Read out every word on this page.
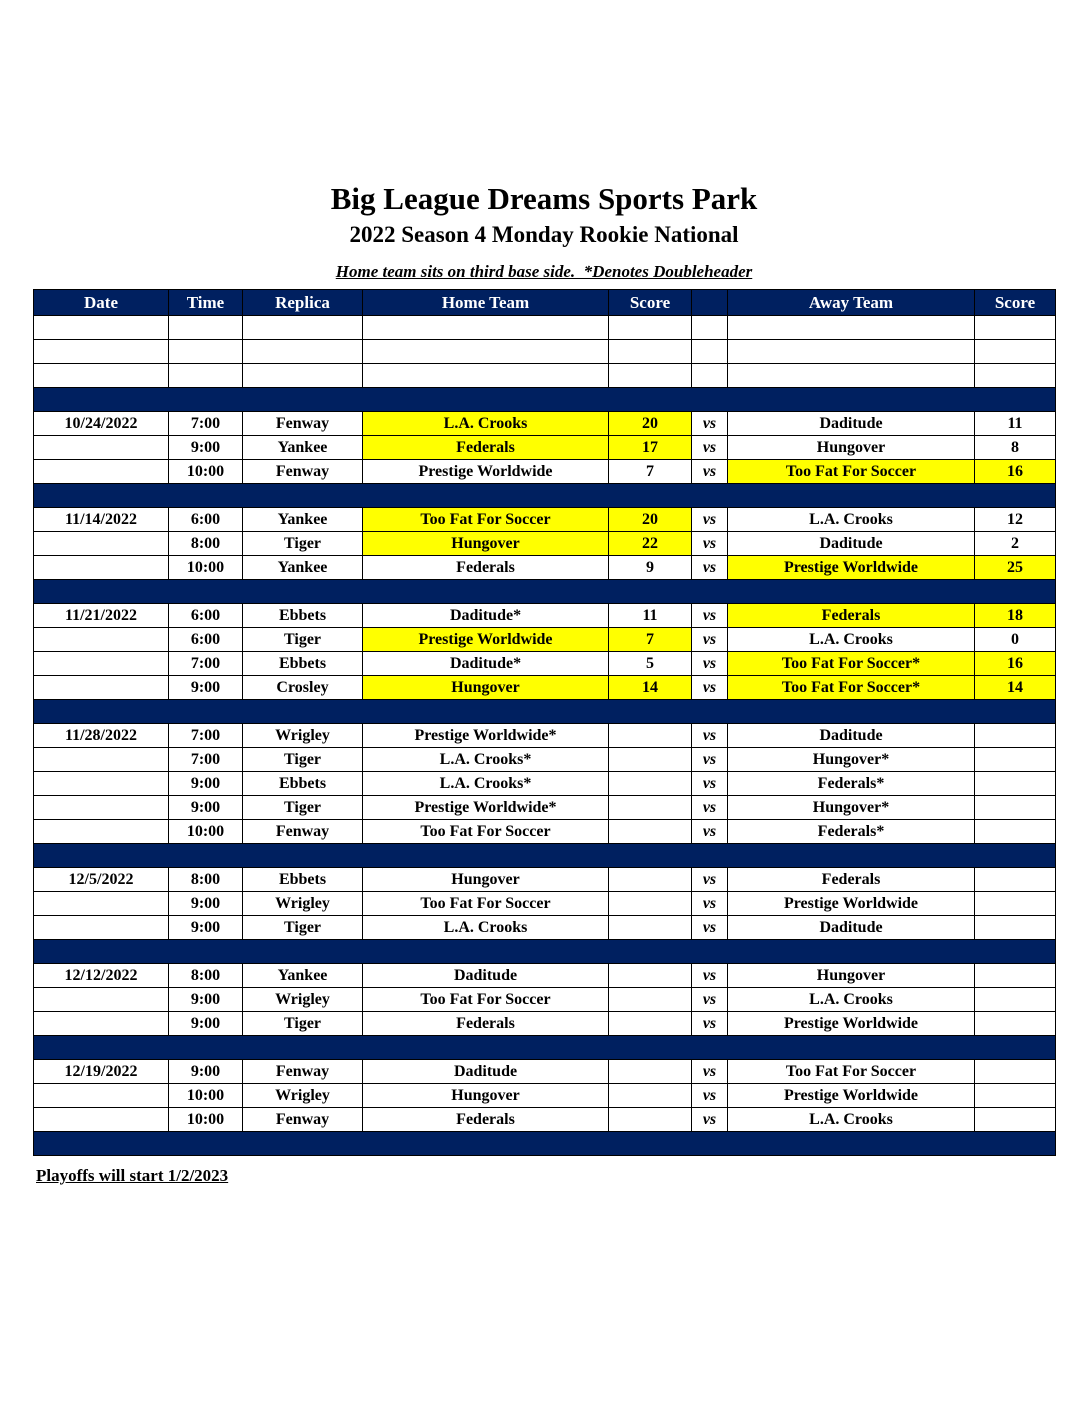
Big League Dreams Sports Park
2022 Season 4 Monday Rookie National
Home team sits on third base side.  *Denotes Doubleheader
Date	Time	Replica	Home Team	Score		Away Team	Score

10/24/2022	7:00	Fenway	L.A. Crooks	20	vs	Daditude	11
	9:00	Yankee	Federals	17	vs	Hungover	8
	10:00	Fenway	Prestige Worldwide	7	vs	Too Fat For Soccer	16

11/14/2022	6:00	Yankee	Too Fat For Soccer	20	vs	L.A. Crooks	12
	8:00	Tiger	Hungover	22	vs	Daditude	2
	10:00	Yankee	Federals	9	vs	Prestige Worldwide	25

11/21/2022	6:00	Ebbets	Daditude*	11	vs	Federals	18
	6:00	Tiger	Prestige Worldwide	7	vs	L.A. Crooks	0
	7:00	Ebbets	Daditude*	5	vs	Too Fat For Soccer*	16
	9:00	Crosley	Hungover	14	vs	Too Fat For Soccer*	14

11/28/2022	7:00	Wrigley	Prestige Worldwide*		vs	Daditude	
	7:00	Tiger	L.A. Crooks*		vs	Hungover*	
	9:00	Ebbets	L.A. Crooks*		vs	Federals*	
	9:00	Tiger	Prestige Worldwide*		vs	Hungover*	
	10:00	Fenway	Too Fat For Soccer		vs	Federals*	

12/5/2022	8:00	Ebbets	Hungover		vs	Federals	
	9:00	Wrigley	Too Fat For Soccer		vs	Prestige Worldwide	
	9:00	Tiger	L.A. Crooks		vs	Daditude	

12/12/2022	8:00	Yankee	Daditude		vs	Hungover	
	9:00	Wrigley	Too Fat For Soccer		vs	L.A. Crooks	
	9:00	Tiger	Federals		vs	Prestige Worldwide	

12/19/2022	9:00	Fenway	Daditude		vs	Too Fat For Soccer	
	10:00	Wrigley	Hungover		vs	Prestige Worldwide	
	10:00	Fenway	Federals		vs	L.A. Crooks	

Playoffs will start 1/2/2023
